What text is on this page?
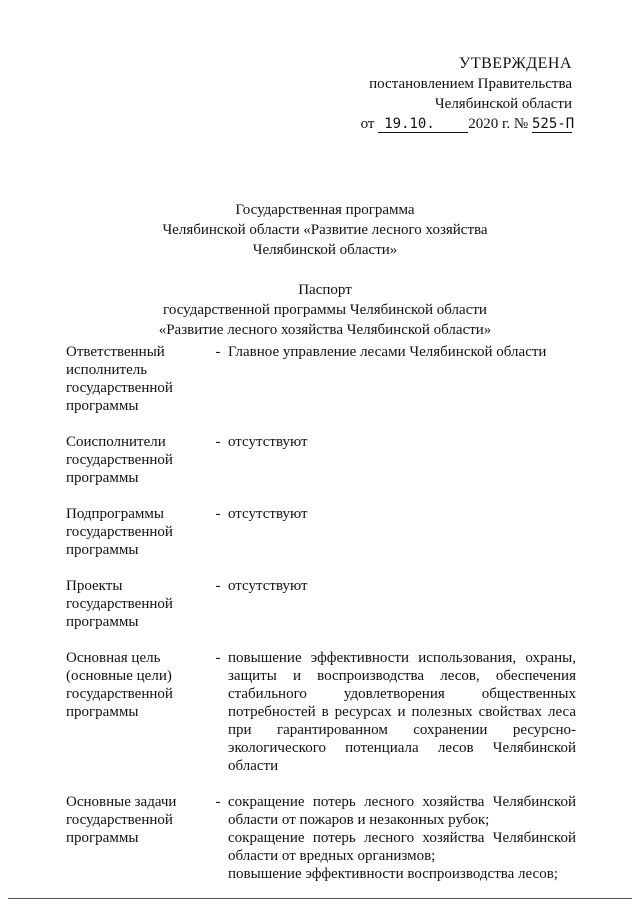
УТВЕРЖДЕНА
постановлением Правительства
Челябинской области
от 19.10. 2020 г. № 525-П
Государственная программа
Челябинской области «Развитие лесного хозяйства
Челябинской области»
Паспорт
государственной программы Челябинской области
«Развитие лесного хозяйства Челябинской области»
Ответственный
исполнитель
государственной
программы
- Главное управление лесами Челябинской области

Соисполнители
государственной
программы
- отсутствуют

Подпрограммы
государственной
программы
- отсутствуют

Проекты
государственной
программы
- отсутствуют

Основная цель
(основные цели)
государственной
программы
- повышение эффективности использования, охраны, защиты и воспроизводства лесов, обеспечения стабильного удовлетворения общественных потребностей в ресурсах и полезных свойствах леса при гарантированном сохранении ресурсно-экологического потенциала лесов Челябинской области

Основные задачи
государственной
программы
- сокращение потерь лесного хозяйства Челябинской области от пожаров и незаконных рубок;

сокращение потерь лесного хозяйства Челябинской области от вредных организмов;

повышение эффективности воспроизводства лесов;
